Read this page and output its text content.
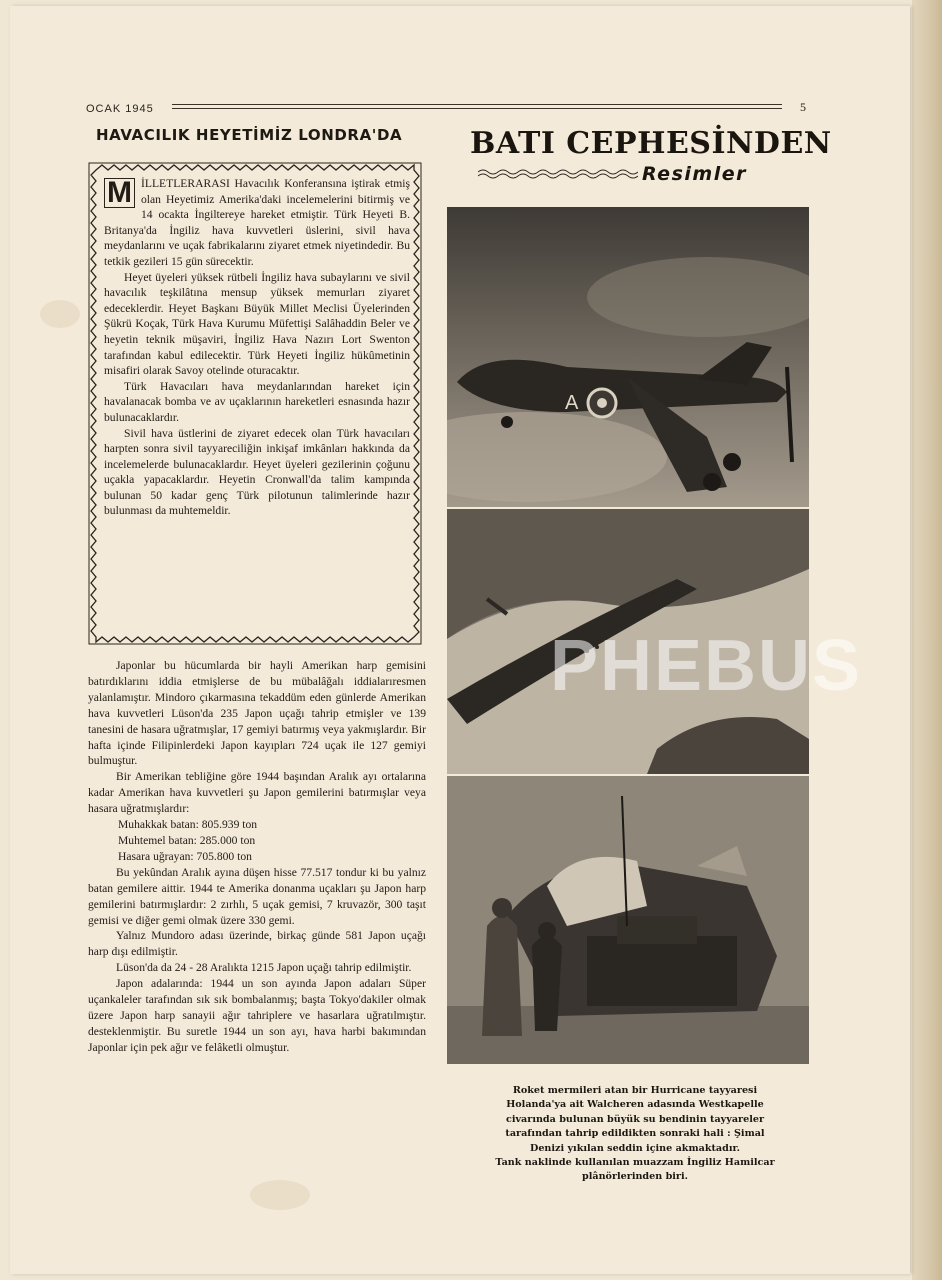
OCAK 1945	5
HAVACILIK HEYETİMİZ LONDRA'DA

M İLLETLERARASI Havacılık Konferansına iştirak etmiş olan Heyetimiz Amerika'daki incelemelerini bitirmiş ve 14 ocakta İngiltereye hareket etmiştir. Türk Heyeti B. Britanya'da İngiliz hava kuvvetleri üslerini, sivil hava meydanlarını ve uçak fabrikalarını ziyaret etmek niyetindedir. Bu tetkik gezileri 15 gün sürecektir.

Heyet üyeleri yüksek rütbeli İngiliz hava subaylarını ve sivil havacılık teşkilâtına mensup yüksek memurları ziyaret edeceklerdir. Heyet Başkanı Büyük Millet Meclisi Üyelerinden Şükrü Koçak, Türk Hava Kurumu Müfettişi Salâhaddin Beler ve heyetin teknik müşaviri, İngiliz Hava Nazırı Lort Swenton tarafından kabul edilecektir. Türk Heyeti İngiliz hükûmetinin misafiri olarak Savoy otelinde oturacaktır.

Türk Havacıları hava meydanlarından hareket için havalanacak bomba ve av uçaklarının hareketleri esnasında hazır bulunacaklardır.

Sivil hava üstlerini de ziyaret edecek olan Türk havacıları harpten sonra sivil tayyareciliğin inkişaf imkânları hakkında da incelemelerde bulunacaklardır. Heyet üyeleri gezilerinin çoğunu uçakla yapacaklardır. Heyetin Cronwall'da talim kampında bulunan 50 kadar genç Türk pilotunun talimlerinde hazır bulunması da muhtemeldir.

Japonlar bu hücumlarda bir hayli Amerikan harp gemisini batırdıklarını iddia etmişlerse de bu mübalâğalı iddialarıresmen yalanlamıştır. Mindoro çıkarmasına tekaddüm eden günlerde Amerikan hava kuvvetleri Lüson'da 235 Japon uçağı tahrip etmişler ve 139 tanesini de hasara uğratmışlar, 17 gemiyi batırmış veya yakmışlardır. Bir hafta içinde Filipinlerdeki Japon kayıpları 724 uçak ile 127 gemiyi bulmuştur.

Bir Amerikan tebliğine göre 1944 başından Aralık ayı ortalarına kadar Amerikan hava kuvvetleri şu Japon gemilerini batırmışlar veya hasara uğratmışlardır:

Muhakkak batan: 805.939 ton

Muhtemel batan: 285.000 ton

Hasara uğrayan: 705.800 ton

Bu yekûndan Aralık ayına düşen hisse 77.517 tondur ki bu yalnız batan gemilere aittir. 1944 te Amerika donanma uçakları şu Japon harp gemilerini batırmışlardır: 2 zırhlı, 5 uçak gemisi, 7 kruvazör, 300 taşıt gemisi ve diğer gemi olmak üzere 330 gemi.

Yalnız Mundoro adası üzerinde, birkaç günde 581 Japon uçağı harp dışı edilmiştir.

Lüson'da da 24 - 28 Aralıkta 1215 Japon uçağı tahrip edilmiştir.

Japon adalarında: 1944 un son ayında Japon adaları Süper uçankaleler tarafından sık sık bombalanmış; başta Tokyo'dakiler olmak üzere Japon harp sanayii ağır tahriplere ve hasarlara uğratılmıştır. desteklenmiştir. Bu suretle 1944 un son ayı, hava harbi bakımından Japonlar için pek ağır ve felâketli olmuştur.

BATI CEPHESİNDEN
Resimler
A
Roket mermileri atan bir Hurricane tayyaresi
Holanda'ya ait Walcheren adasında Westkapelle
civarında bulunan büyük su bendinin tayyareler
tarafından tahrip edildikten sonraki hali : Şimal
Denizi yıkılan seddin içine akmaktadır.
Tank naklinde kullanılan muazzam İngiliz Hamilcar
plânörlerinden biri.
PHEBUS
